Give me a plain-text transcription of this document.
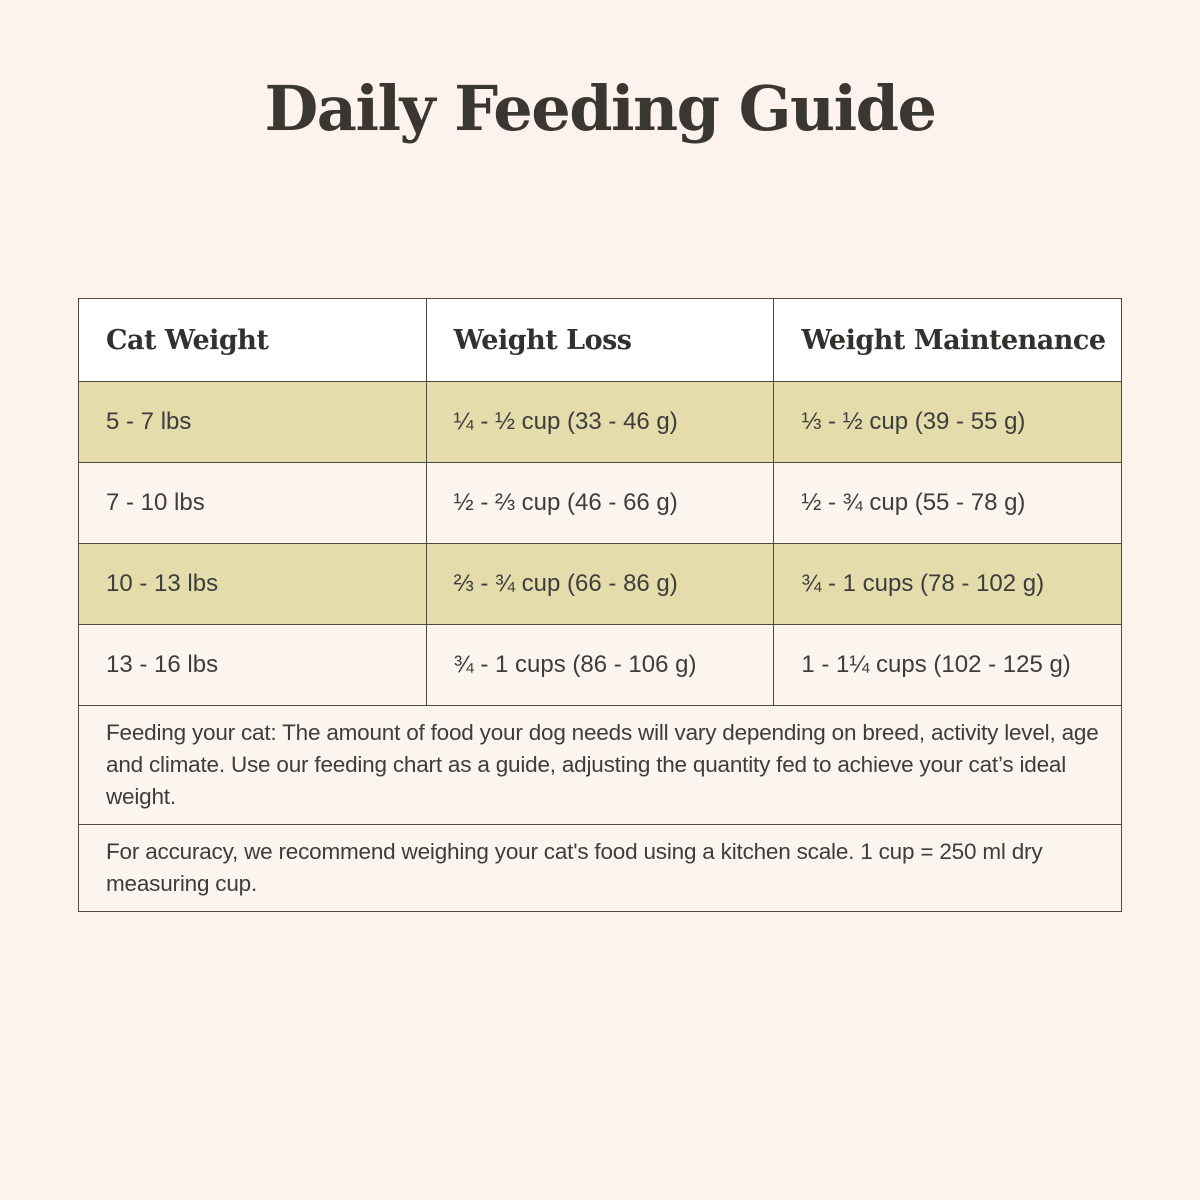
Daily Feeding Guide
Cat Weight	Weight Loss	Weight Maintenance
5 - 7 lbs	¼ - ½ cup (33 - 46 g)	⅓ - ½ cup (39 - 55 g)
7 - 10 lbs	½ - ⅔ cup (46 - 66 g)	½ - ¾ cup (55 - 78 g)
10 - 13 lbs	⅔ - ¾ cup (66 - 86 g)	¾ - 1 cups (78 - 102 g)
13 - 16 lbs	¾ - 1 cups (86 - 106 g)	1 - 1¼ cups (102 - 125 g)
Feeding your cat: The amount of food your dog needs will vary depending on breed, activity level, age and climate. Use our feeding chart as a guide, adjusting the quantity fed to achieve your cat’s ideal weight.		
For accuracy, we recommend weighing your cat's food using a kitchen scale. 1 cup = 250 ml dry measuring cup.		
